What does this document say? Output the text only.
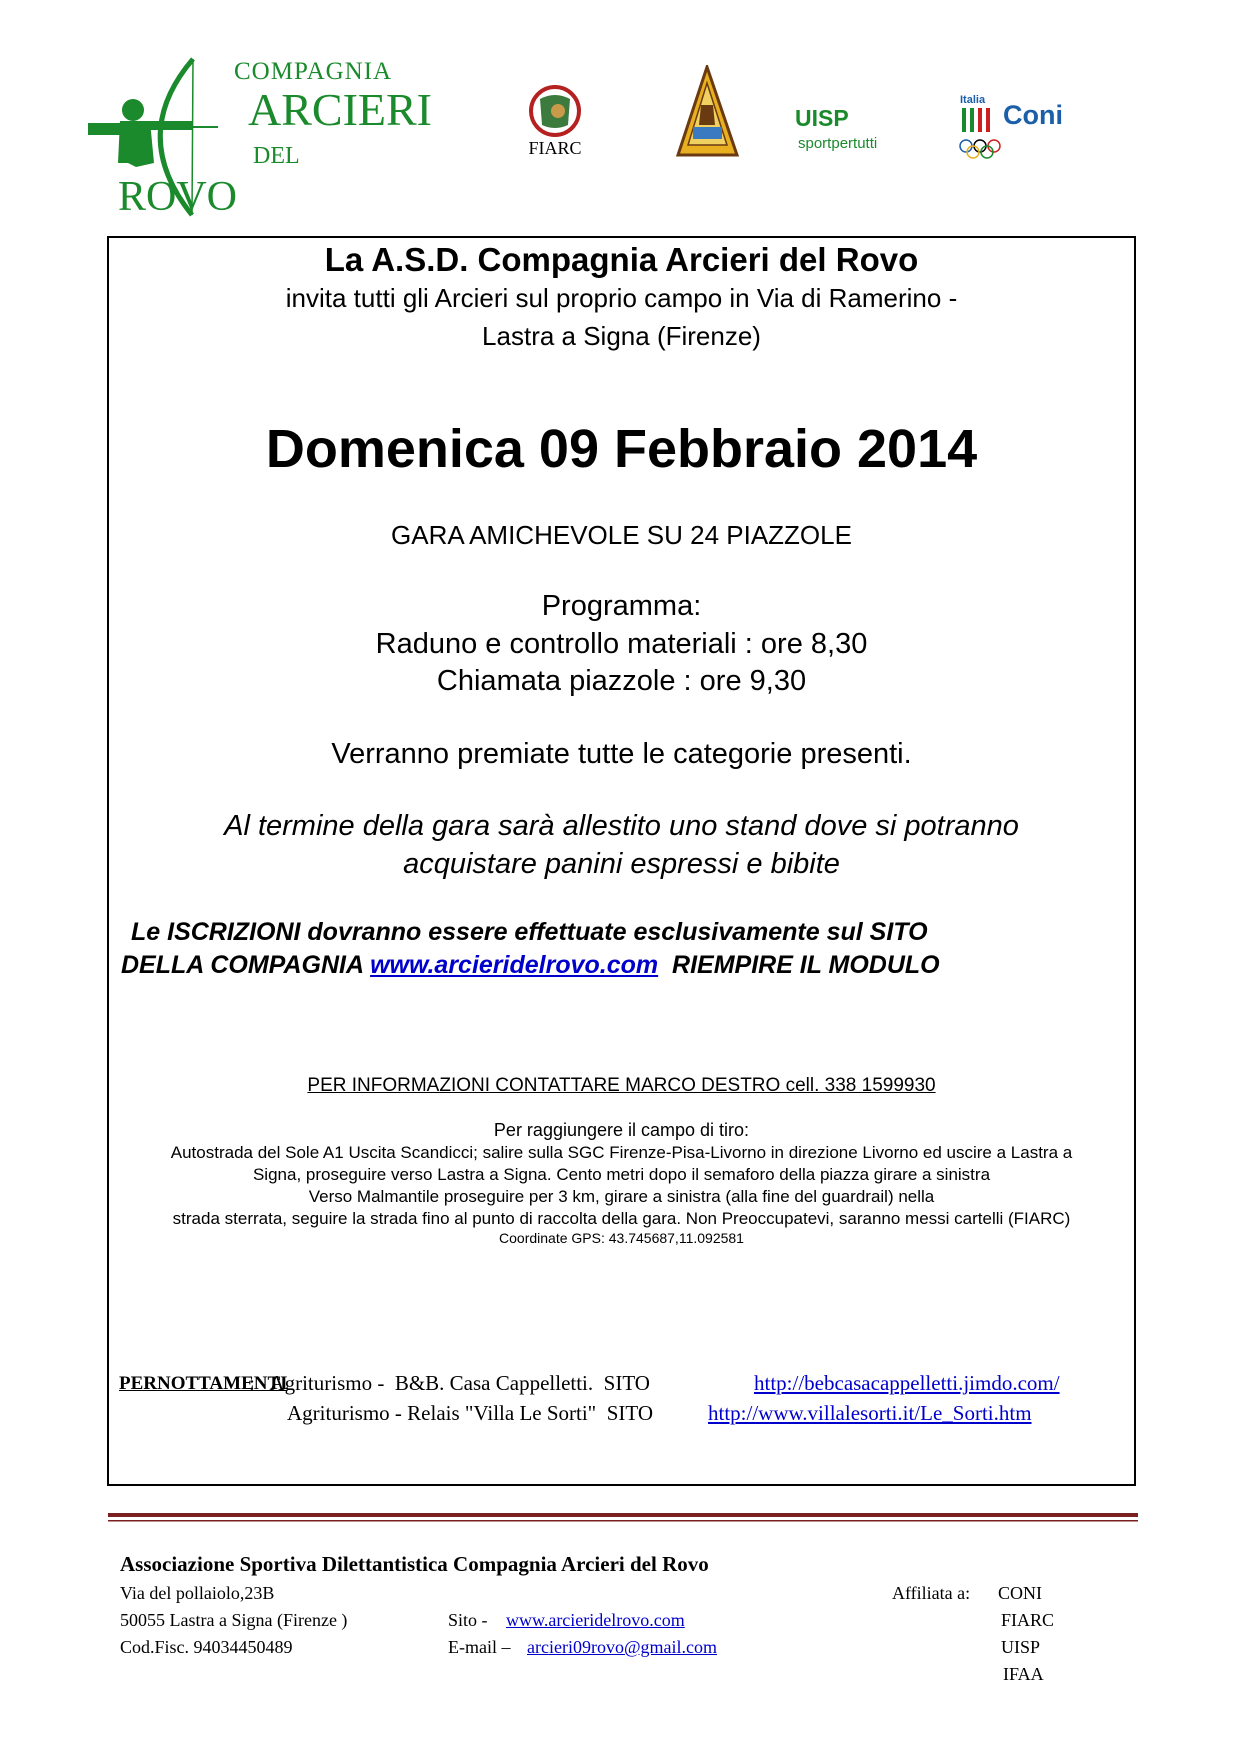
COMPAGNIA
ARCIERI
DEL
ROVO
FIARC
UISP
sportpertutti
Italia Coni
La A.S.D. Compagnia Arcieri del Rovo
invita tutti gli Arcieri sul proprio campo in Via di Ramerino -
Lastra a Signa (Firenze)
Domenica 09 Febbraio 2014
GARA AMICHEVOLE SU 24 PIAZZOLE
Programma:
Raduno e controllo materiali : ore 8,30
Chiamata piazzole : ore 9,30
Verranno premiate tutte le categorie presenti.
Al termine della gara sarà allestito uno stand dove si potranno
acquistare panini espressi e bibite
Le ISCRIZIONI dovranno essere effettuate esclusivamente sul SITO
DELLA COMPAGNIA www.arcieridelrovo.com  RIEMPIRE IL MODULO
PER INFORMAZIONI CONTATTARE MARCO DESTRO cell. 338 1599930
Per raggiungere il campo di tiro:
Autostrada del Sole A1 Uscita Scandicci; salire sulla SGC Firenze-Pisa-Livorno in direzione Livorno ed uscire a Lastra a
Signa, proseguire verso Lastra a Signa. Cento metri dopo il semaforo della piazza girare a sinistra
Verso Malmantile proseguire per 3 km, girare a sinistra (alla fine del guardrail) nella
strada sterrata, seguire la strada fino al punto di raccolta della gara. Non Preoccupatevi, saranno messi cartelli (FIARC)
Coordinate GPS: 43.745687,11.092581
PERNOTTAMENTI
:   Agriturismo -  B&B. Casa Cappelletti.  SITO	http://bebcasacappelletti.jimdo.com/
Agriturismo - Relais "Villa Le Sorti"  SITO	http://www.villalesorti.it/Le_Sorti.htm
Associazione Sportiva Dilettantistica Compagnia Arcieri del Rovo
Via del pollaiolo,23B
50055 Lastra a Signa (Firenze )
Cod.Fisc. 94034450489
Sito - www.arcieridelrovo.com
E-mail – arcieri09rovo@gmail.com
Affiliata a: CONI
FIARC
UISP
IFAA
